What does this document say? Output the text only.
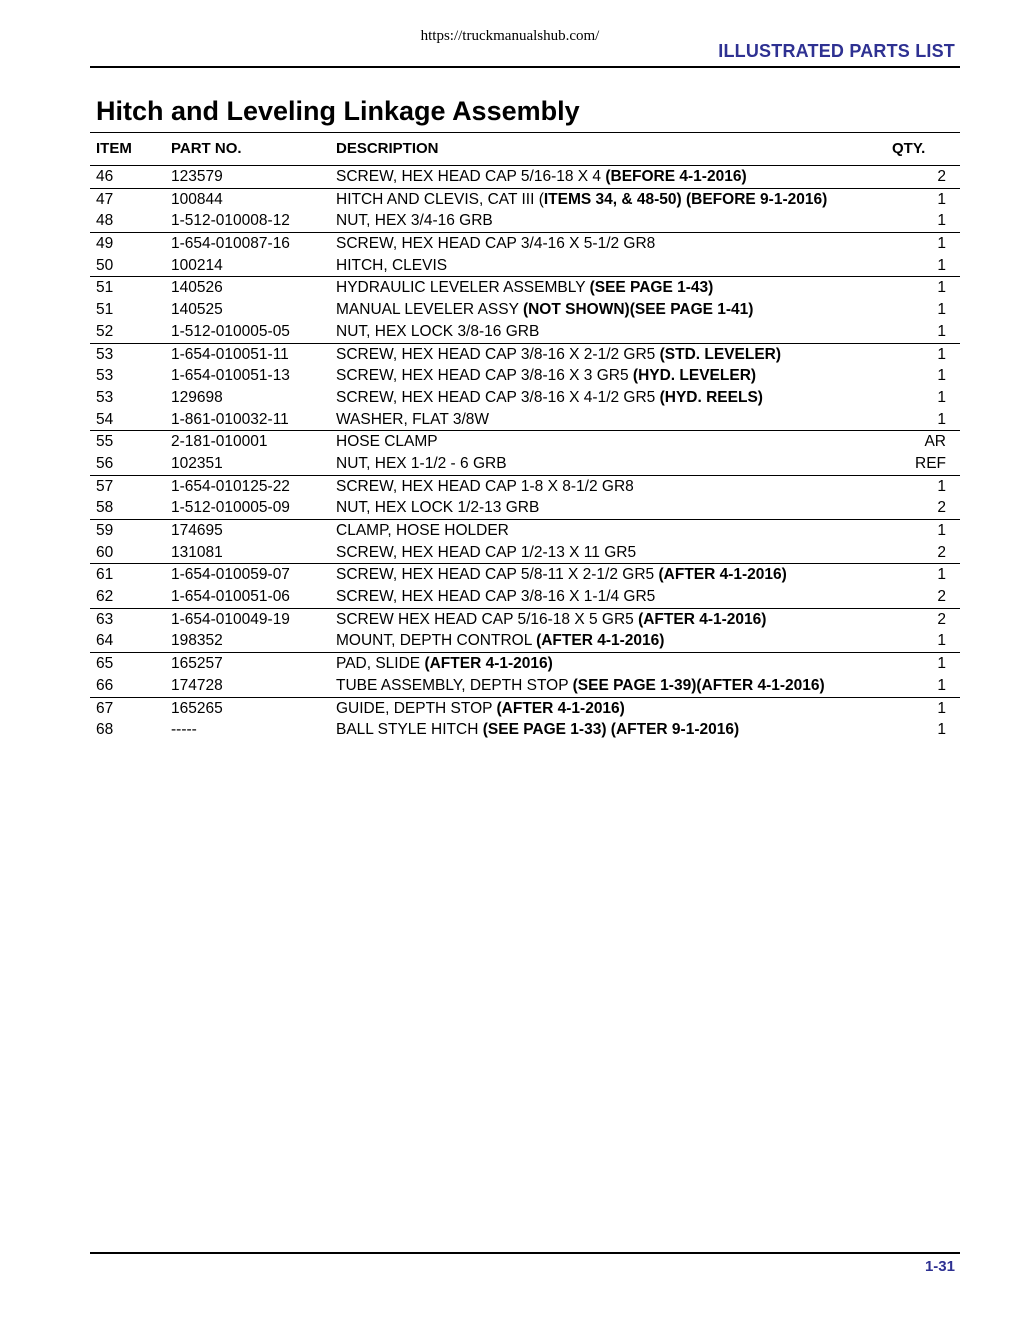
https://truckmanualshub.com/
ILLUSTRATED PARTS LIST
Hitch and Leveling Linkage Assembly
ITEM	PART NO.	DESCRIPTION	QTY.
46	123579	SCREW, HEX HEAD CAP 5/16-18 X 4 (BEFORE 4-1-2016)	2
47	100844	HITCH AND CLEVIS, CAT III (ITEMS 34, & 48-50) (BEFORE 9-1-2016)	1
48	1-512-010008-12	NUT, HEX 3/4-16 GRB	1
49	1-654-010087-16	SCREW, HEX HEAD CAP 3/4-16 X 5-1/2 GR8	1
50	100214	HITCH, CLEVIS	1
51	140526	HYDRAULIC LEVELER ASSEMBLY (SEE PAGE 1-43)	1
51	140525	MANUAL LEVELER ASSY (NOT SHOWN)(SEE PAGE 1-41)	1
52	1-512-010005-05	NUT, HEX LOCK 3/8-16 GRB	1
53	1-654-010051-11	SCREW, HEX HEAD CAP 3/8-16 X 2-1/2 GR5 (STD. LEVELER)	1
53	1-654-010051-13	SCREW, HEX HEAD CAP 3/8-16 X 3 GR5 (HYD. LEVELER)	1
53	129698	SCREW, HEX HEAD CAP 3/8-16 X 4-1/2 GR5 (HYD. REELS)	1
54	1-861-010032-11	WASHER, FLAT 3/8W	1
55	2-181-010001	HOSE CLAMP	AR
56	102351	NUT, HEX 1-1/2 - 6 GRB	REF
57	1-654-010125-22	SCREW, HEX HEAD CAP 1-8 X 8-1/2 GR8	1
58	1-512-010005-09	NUT, HEX LOCK 1/2-13 GRB	2
59	174695	CLAMP, HOSE HOLDER	1
60	131081	SCREW, HEX HEAD CAP 1/2-13 X 11 GR5	2
61	1-654-010059-07	SCREW, HEX HEAD CAP 5/8-11 X 2-1/2 GR5 (AFTER 4-1-2016)	1
62	1-654-010051-06	SCREW, HEX HEAD CAP 3/8-16 X 1-1/4 GR5	2
63	1-654-010049-19	SCREW HEX HEAD CAP 5/16-18 X 5 GR5 (AFTER 4-1-2016)	2
64	198352	MOUNT, DEPTH CONTROL (AFTER 4-1-2016)	1
65	165257	PAD, SLIDE (AFTER 4-1-2016)	1
66	174728	TUBE ASSEMBLY, DEPTH STOP (SEE PAGE 1-39)(AFTER 4-1-2016)	1
67	165265	GUIDE, DEPTH STOP (AFTER 4-1-2016)	1
68	-----	BALL STYLE HITCH (SEE PAGE 1-33) (AFTER 9-1-2016)	1
1-31
